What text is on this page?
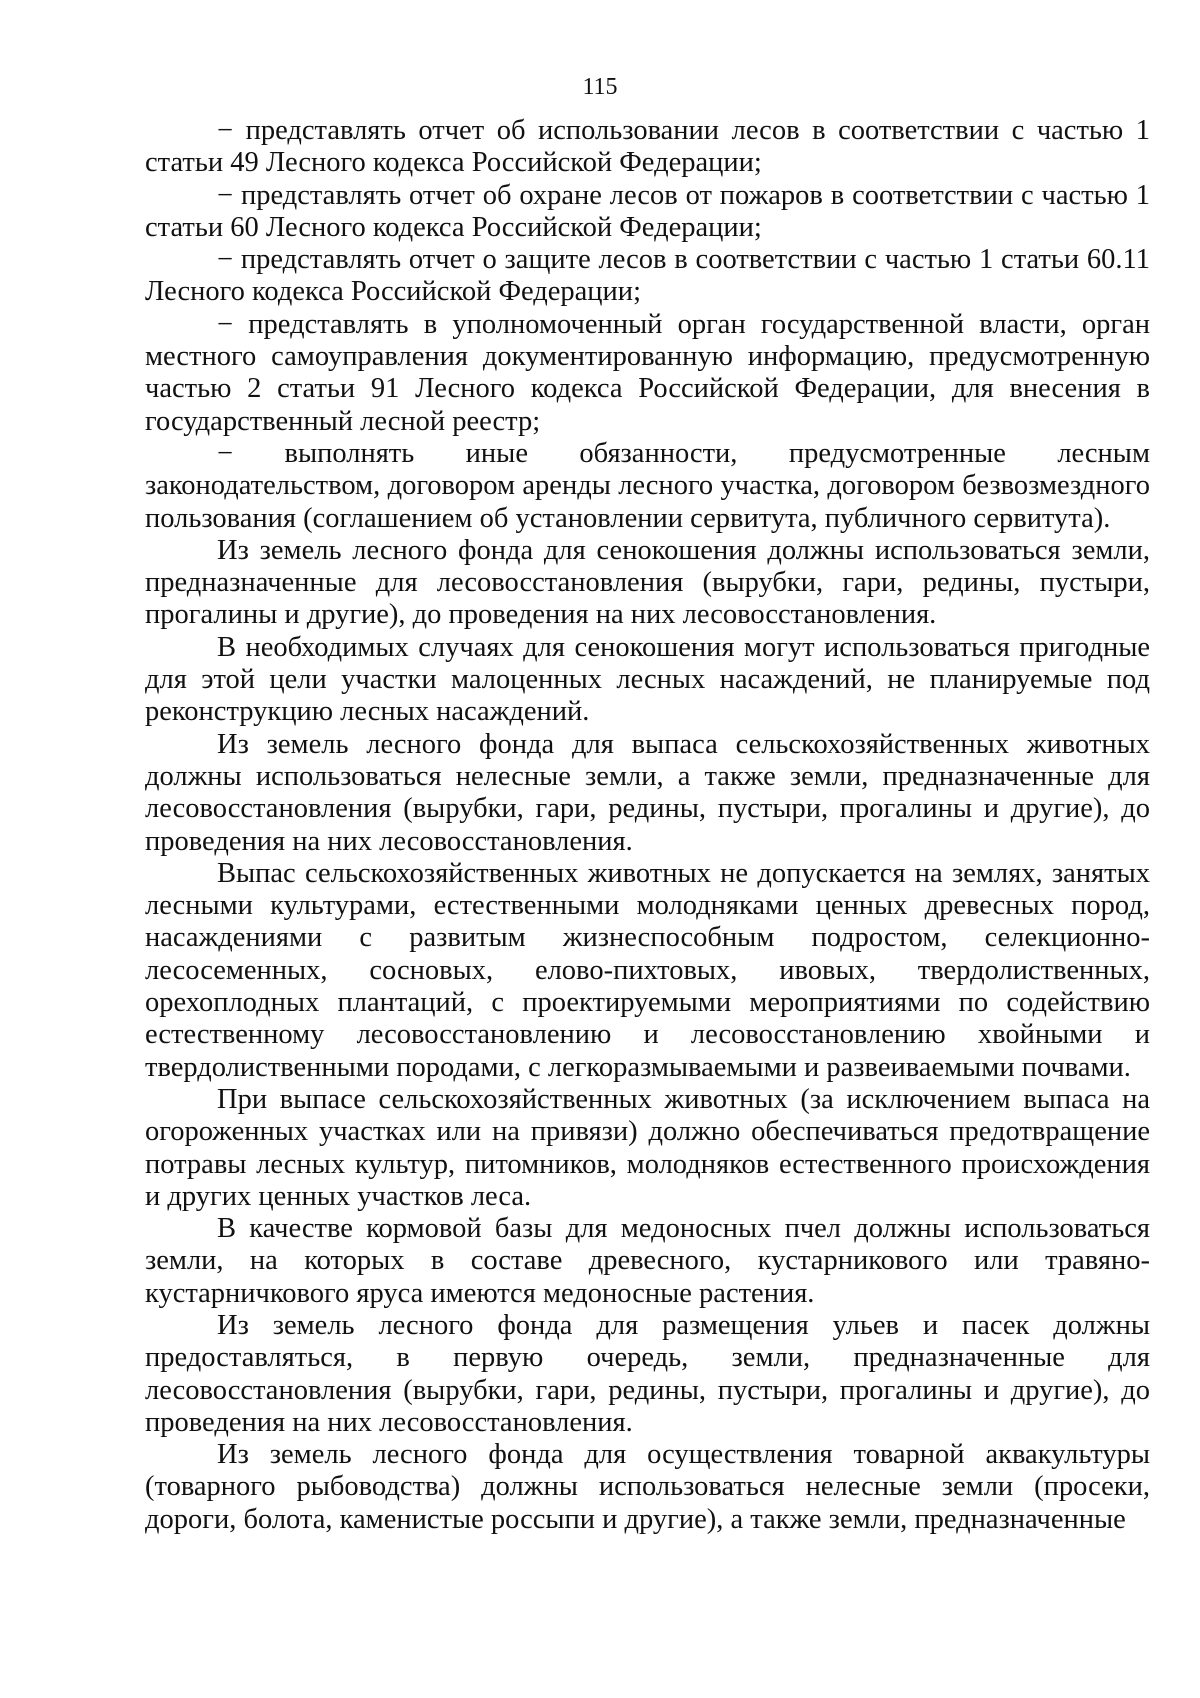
115

− представлять отчет об использовании лесов в соответствии с частью 1 статьи 49 Лесного кодекса Российской Федерации;

− представлять отчет об охране лесов от пожаров в соответствии с частью 1 статьи 60 Лесного кодекса Российской Федерации;

− представлять отчет о защите лесов в соответствии с частью 1 статьи 60.11 Лесного кодекса Российской Федерации;

− представлять в уполномоченный орган государственной власти, орган местного самоуправления документированную информацию, предусмотренную частью 2 статьи 91 Лесного кодекса Российской Федерации, для внесения в государственный лесной реестр;

− выполнять иные обязанности, предусмотренные лесным законодательством, договором аренды лесного участка, договором безвозмездного пользования (соглашением об установлении сервитута, публичного сервитута).

Из земель лесного фонда для сенокошения должны использоваться земли, предназначенные для лесовосстановления (вырубки, гари, редины, пустыри, прогалины и другие), до проведения на них лесовосстановления.

В необходимых случаях для сенокошения могут использоваться пригодные для этой цели участки малоценных лесных насаждений, не планируемые под реконструкцию лесных насаждений.

Из земель лесного фонда для выпаса сельскохозяйственных животных должны использоваться нелесные земли, а также земли, предназначенные для лесовосстановления (вырубки, гари, редины, пустыри, прогалины и другие), до проведения на них лесовосстановления.

Выпас сельскохозяйственных животных не допускается на землях, занятых лесными культурами, естественными молодняками ценных древесных пород, насаждениями с развитым жизнеспособным подростом, селекционно-лесосеменных, сосновых, елово-пихтовых, ивовых, твердолиственных, орехоплодных плантаций, с проектируемыми мероприятиями по содействию естественному лесовосстановлению и лесовосстановлению хвойными и твердолиственными породами, с легкоразмываемыми и развеиваемыми почвами.

При выпасе сельскохозяйственных животных (за исключением выпаса на огороженных участках или на привязи) должно обеспечиваться предотвращение потравы лесных культур, питомников, молодняков естественного происхождения и других ценных участков леса.

В качестве кормовой базы для медоносных пчел должны использоваться земли, на которых в составе древесного, кустарникового или травяно-кустарничкового яруса имеются медоносные растения.

Из земель лесного фонда для размещения ульев и пасек должны предоставляться, в первую очередь, земли, предназначенные для лесовосстановления (вырубки, гари, редины, пустыри, прогалины и другие), до проведения на них лесовосстановления.

Из земель лесного фонда для осуществления товарной аквакультуры (товарного рыбоводства) должны использоваться нелесные земли (просеки, дороги, болота, каменистые россыпи и другие), а также земли, предназначенные
